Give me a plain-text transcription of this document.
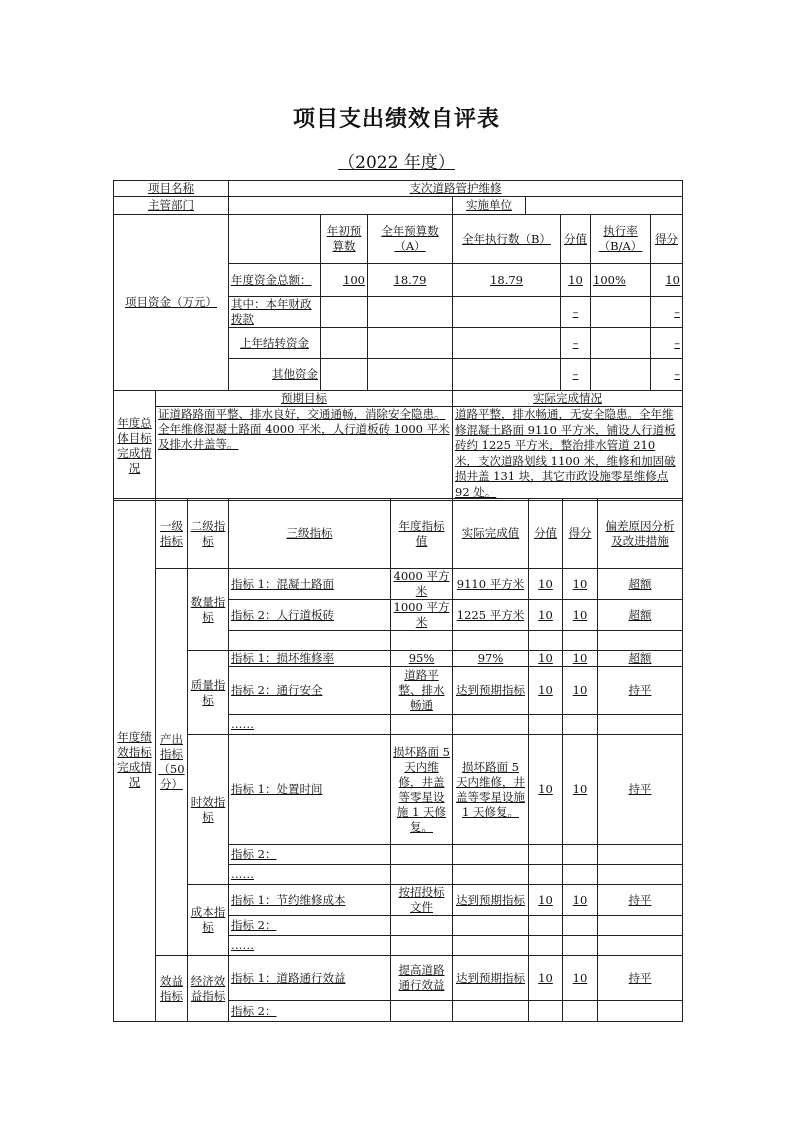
项目支出绩效自评表
（2022 年度）
项目名称	支次道路管护维修							
主管部门				实施单位				
项目资金（万元）		年初预算数	全年预算数（A）	全年执行数（B）		分值	执行率（B/A）	得分
	年度资金总额：	100	18.79	18.79		10	100%	10
	其中：本年财政拨款					–		–
	上年结转资金					–		–
	其他资金					–		–
年度总体目标完成情况	预期目标	实际完成情况
	证道路路面平整、排水良好，交通通畅，消除安全隐患。 全年维修混凝土路面 4000 平米，人行道板砖 1000 平米及排水井盖等。	道路平整，排水畅通，无安全隐患。全年维修混凝土路面 9110 平方米，铺设人行道板砖约 1225 平方米，整治排水管道 210 米，支次道路划线 1100 米，维修和加固破损井盖 131 块，其它市政设施零星维修点 92 处。
年度绩效指标完成情况	一级指标	二级指标	三级指标	年度指标值	实际完成值	分值	得分	偏差原因分析及改进措施
	产出指标（50分）	数量指标	指标 1：混凝土路面	4000 平方米	9110 平方米	10	10	超额
			指标 2：人行道板砖	1000 平方米	1225 平方米	10	10	超额

		质量指标	指标 1：损坏维修率	95%	97%	10	10	超额
			指标 2：通行安全	道路平整、排水畅通	达到预期指标	10	10	持平
			……					
		时效指标	指标 1：处置时间	损坏路面 5 天内维修，井盖等零星设施 1 天修复。	损坏路面 5 天内维修，井盖等零星设施 1 天修复。	10	10	持平
			指标 2：					
			……					
		成本指标	指标 1：节约维修成本	按招投标文件	达到预期指标	10	10	持平
			指标 2：					
			……					
	效益指标	经济效益指标	指标 1：道路通行效益	提高道路通行效益	达到预期指标	10	10	持平
			指标 2：					
